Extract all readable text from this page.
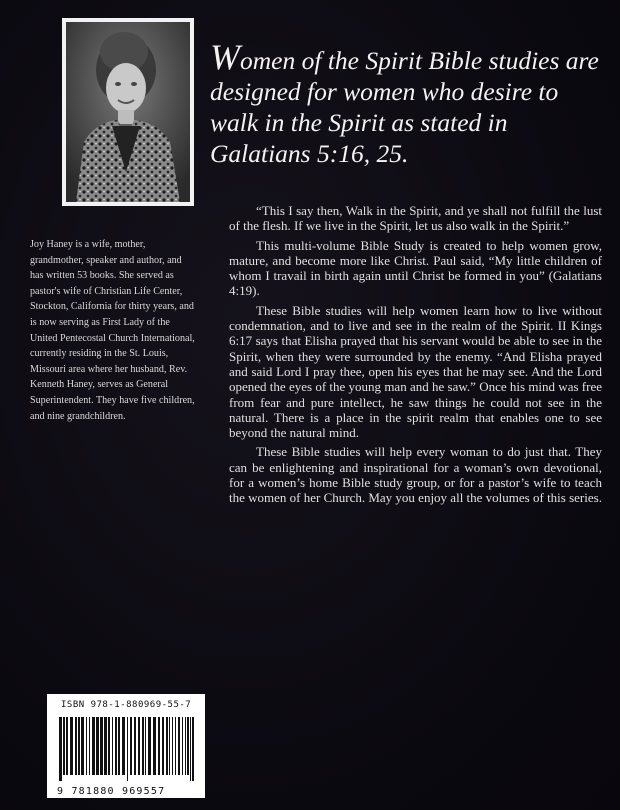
Joy Haney is a wife, mother, grandmother, speaker and author, and has written 53 books. She served as pastor's wife of Christian Life Center, Stockton, California for thirty years, and is now serving as First Lady of the United Pentecostal Church International, currently residing in the St. Louis, Missouri area where her husband, Rev. Kenneth Haney, serves as General Superintendent. They have five children, and nine grandchildren.
Women of the Spirit Bible studies are designed for women who desire to walk in the Spirit as stated in Galatians 5:16, 25.

“This I say then, Walk in the Spirit, and ye shall not fulfill the lust of the flesh. If we live in the Spirit, let us also walk in the Spirit.”

This multi-volume Bible Study is created to help women grow, mature, and become more like Christ. Paul said, “My little children of whom I travail in birth again until Christ be formed in you” (Galatians 4:19).

These Bible studies will help women learn how to live without condemnation, and to live and see in the realm of the Spirit. II Kings 6:17 says that Elisha prayed that his servant would be able to see in the Spirit, when they were surrounded by the enemy. “And Elisha prayed and said Lord I pray thee, open his eyes that he may see. And the Lord opened the eyes of the young man and he saw.” Once his mind was free from fear and pure intellect, he saw things he could not see in the natural. There is a place in the spirit realm that enables one to see beyond the natural mind.

These Bible studies will help every woman to do just that. They can be enlightening and inspirational for a woman’s own devotional, for a women’s home Bible study group, or for a pastor’s wife to teach the women of her Church. May you enjoy all the volumes of this series.

ISBN 978-1-880969-55-7
9 781880 969557
